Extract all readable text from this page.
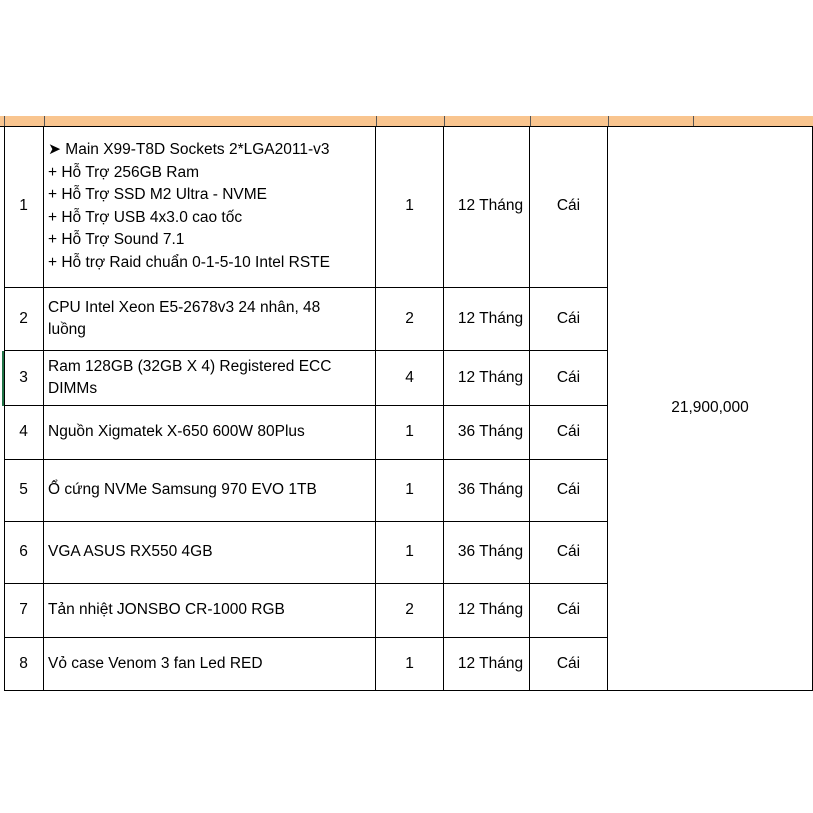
1
➤ Main X99-T8D Sockets 2*LGA2011-v3
+ Hỗ Trợ 256GB Ram
+ Hỗ Trợ SSD M2 Ultra - NVME
+ Hỗ Trợ USB 4x3.0 cao tốc
+ Hỗ Trợ Sound 7.1
+ Hỗ trợ Raid chuẩn 0-1-5-10 Intel RSTE
1	12 Tháng Cái
2
CPU Intel Xeon E5-2678v3 24 nhân, 48
luồng
2	12 Tháng Cái
3
Ram 128GB (32GB X 4) Registered ECC
DIMMs
4	12 Tháng Cái
4 Nguồn Xigmatek X-650 600W 80Plus	1	36 Tháng Cái
5 Ổ cứng NVMe Samsung 970 EVO 1TB	1	36 Tháng Cái
6 VGA ASUS RX550 4GB	1	36 Tháng Cái
7 Tản nhiệt JONSBO CR-1000 RGB	2	12 Tháng Cái
8 Vỏ case Venom 3 fan Led RED	1	12 Tháng Cái
21,900,000
